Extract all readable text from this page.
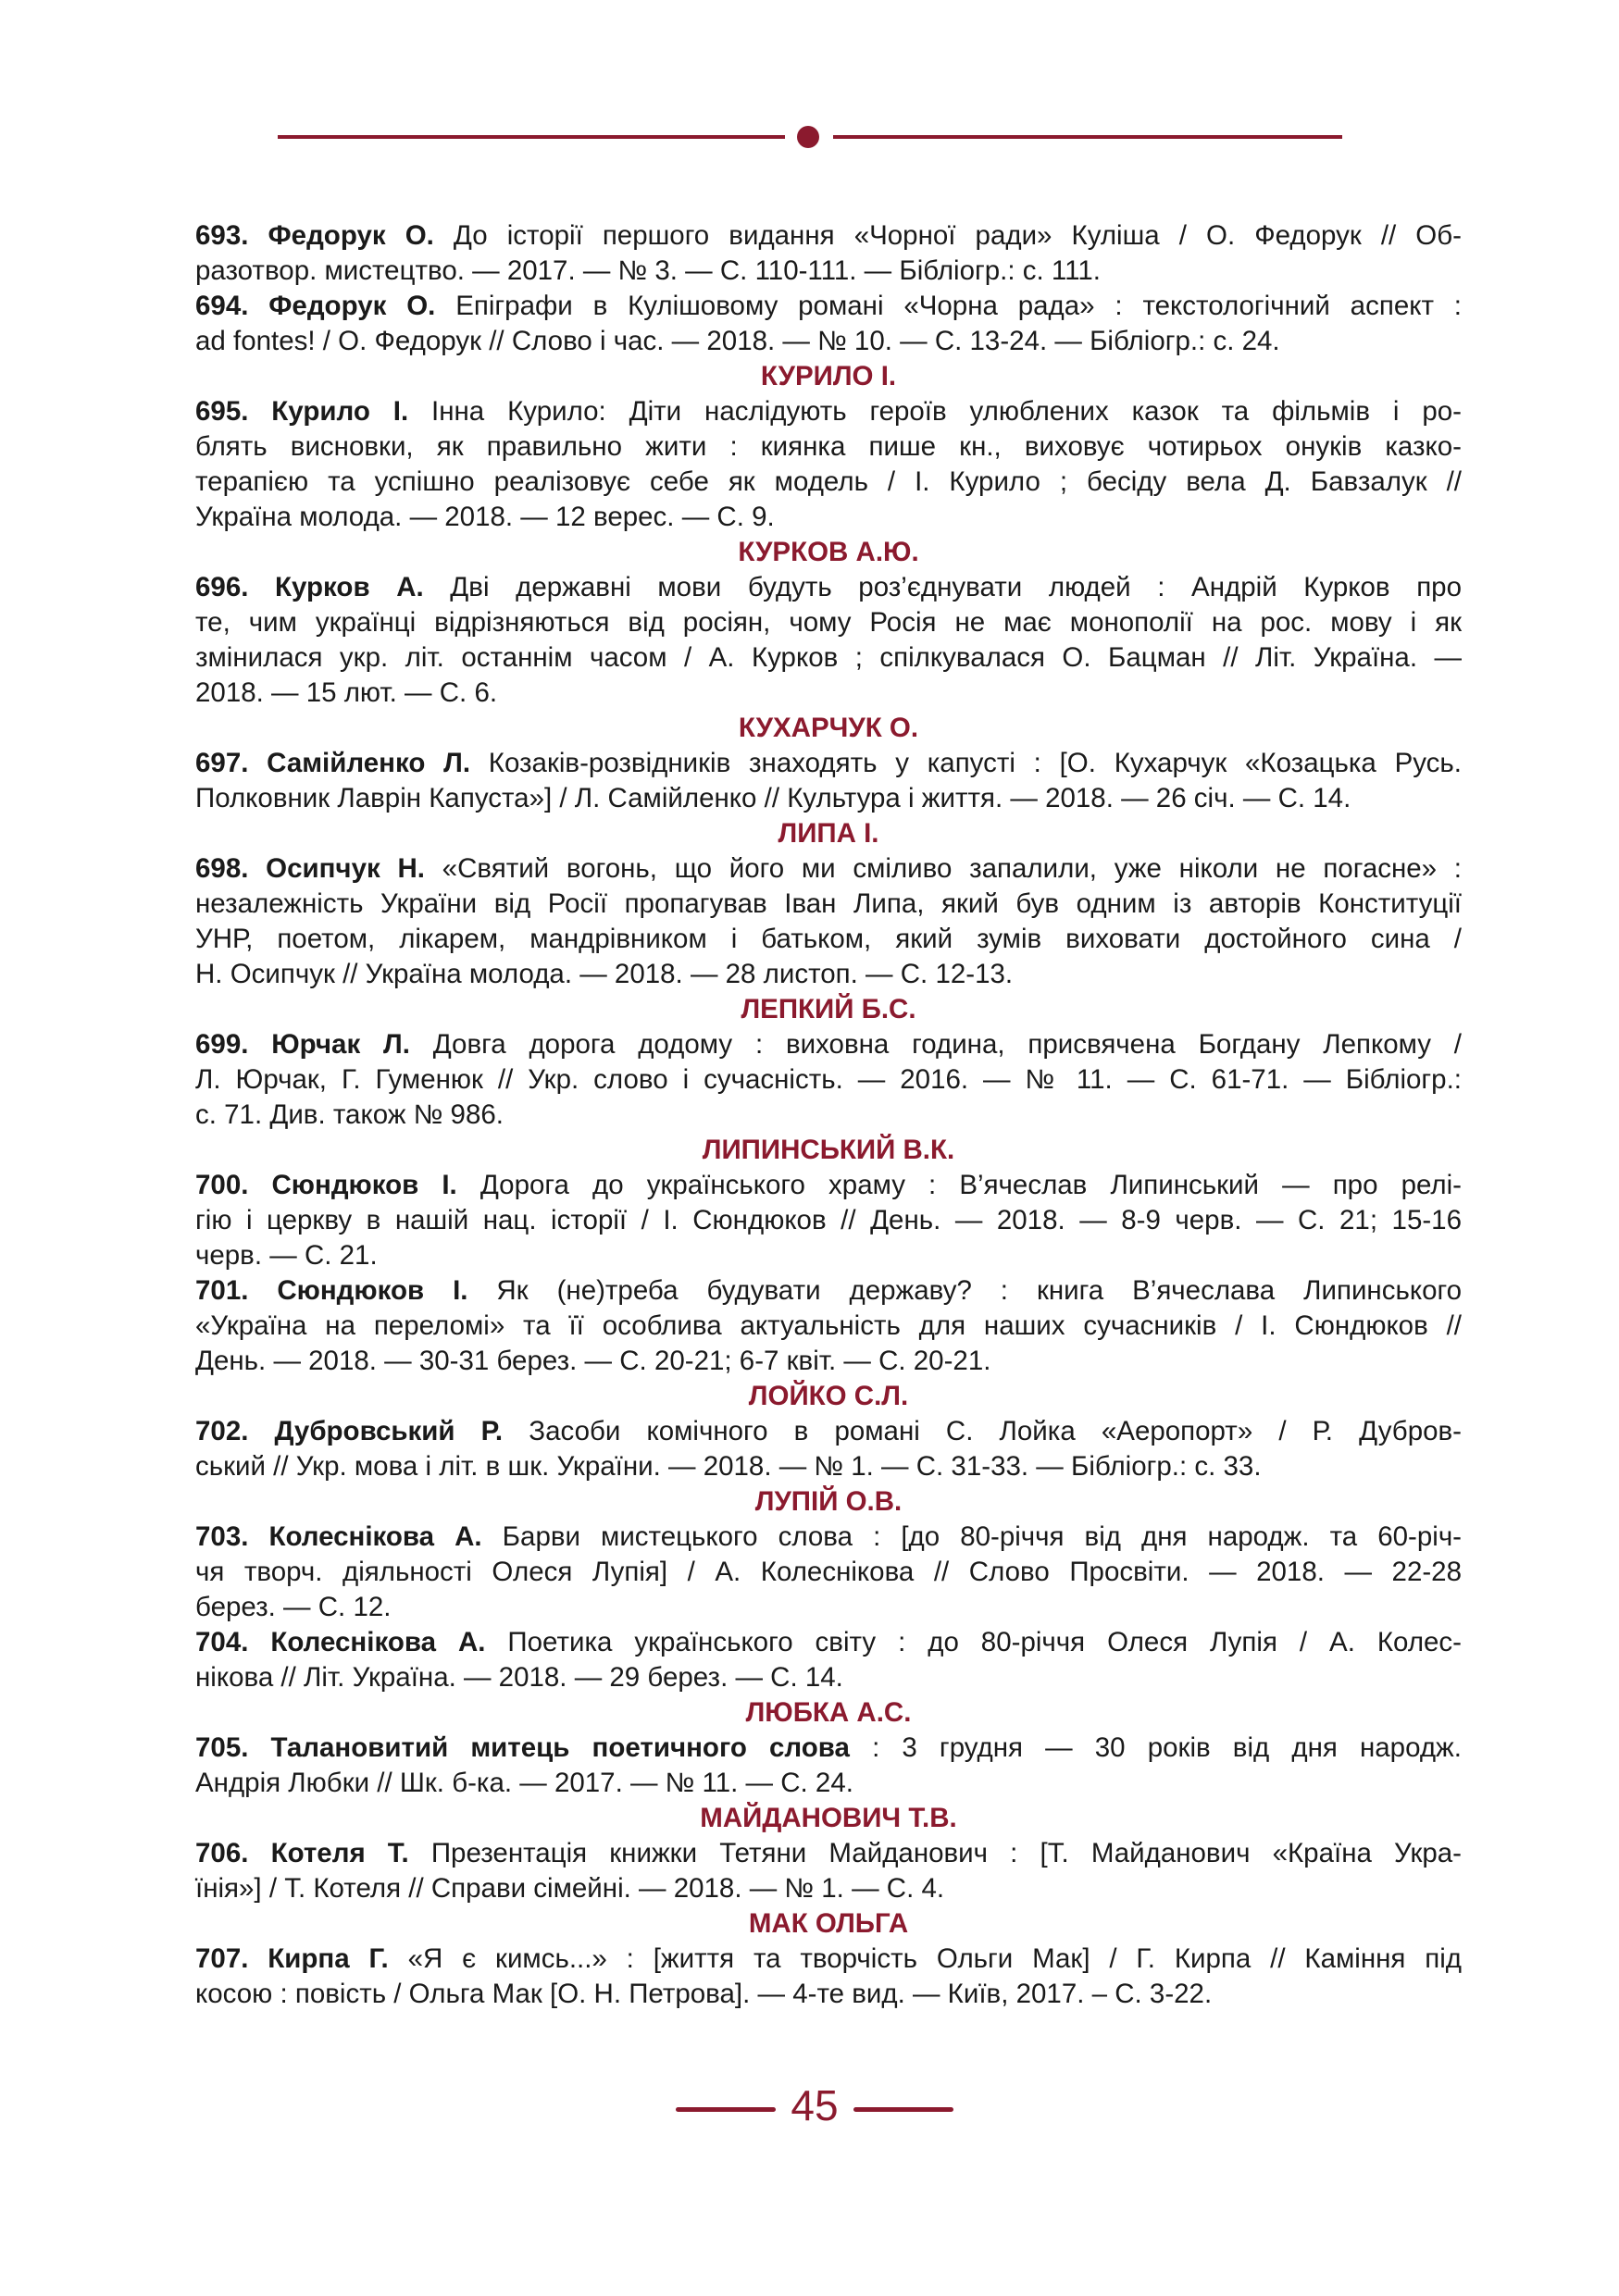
693. Федорук О. До історії першого видання «Чорної ради» Куліша / О. Федорук // Об-
разотвор. мистецтво. — 2017. — № 3. — С. 110-111. — Бібліогр.: с. 111.
694. Федорук О. Епіграфи в Кулішовому романі «Чорна рада» : текстологічний аспект :
ad fontes! / О. Федорук // Слово і час. — 2018. — № 10. — С. 13-24. — Бібліогр.: с. 24.
КУРИЛО І.
695. Курило І. Інна Курило: Діти наслідують героїв улюблених казок та фільмів і ро-
блять висновки, як правильно жити : киянка пише кн., виховує чотирьох онуків казко-
терапією та успішно реалізовує себе як модель / І. Курило ; бесіду вела Д. Бавзалук //
Україна молода. — 2018. — 12 верес. — С. 9.
КУРКОВ А.Ю.
696. Курков А. Дві державні мови будуть роз’єднувати людей : Андрій Курков про
те, чим українці відрізняються від росіян, чому Росія не має монополії на рос. мову і як
змінилася укр. літ. останнім часом / А. Курков ; спілкувалася О. Бацман // Літ. Україна. —
2018. — 15 лют. — С. 6.
КУХАРЧУК О.
697. Самійленко Л. Козаків-розвідників знаходять у капусті : [О. Кухарчук «Козацька Русь.
Полковник Лаврін Капуста»] / Л. Самійленко // Культура і життя. — 2018. — 26 січ. — С. 14.
ЛИПА І.
698. Осипчук Н. «Святий вогонь, що його ми сміливо запалили, уже ніколи не погасне» :
незалежність України від Росії пропагував Іван Липа, який був одним із авторів Конституції
УНР, поетом, лікарем, мандрівником і батьком, який зумів виховати достойного сина /
Н. Осипчук // Україна молода. — 2018. — 28 листоп. — С. 12-13.
ЛЕПКИЙ Б.С.
699. Юрчак Л. Довга дорога додому : виховна година, присвячена Богдану Лепкому /
Л. Юрчак, Г. Гуменюк // Укр. слово і сучасність. — 2016. — № 11. — С. 61-71. — Бібліогр.:
с. 71. Див. також № 986.
ЛИПИНСЬКИЙ В.К.
700. Сюндюков І. Дорога до українського храму : В’ячеслав Липинський — про релі-
гію і церкву в нашій нац. історії / І. Сюндюков // День. — 2018. — 8-9 черв. — С. 21; 15-16
черв. — С. 21.
701. Сюндюков І. Як (не)треба будувати державу? : книга В’ячеслава Липинського
«Україна на переломі» та її особлива актуальність для наших сучасників / І. Сюндюков //
День. — 2018. — 30-31 берез. — С. 20-21; 6-7 квіт. — С. 20-21.
ЛОЙКО С.Л.
702. Дубровський Р. Засоби комічного в романі С. Лойка «Аеропорт» / Р. Дубров-
ський // Укр. мова і літ. в шк. України. — 2018. — № 1. — С. 31-33. — Бібліогр.: с. 33.
ЛУПІЙ О.В.
703. Колеснікова А. Барви мистецького слова : [до 80-річчя від дня народж. та 60-річ-
чя творч. діяльності Олеся Лупія] / А. Колеснікова // Слово Просвіти. — 2018. — 22-28
берез. — С. 12.
704. Колеснікова А. Поетика українського світу : до 80-річчя Олеся Лупія / А. Колес-
нікова // Літ. Україна. — 2018. — 29 берез. — С. 14.
ЛЮБКА А.С.
705. Талановитий митець поетичного слова : 3 грудня — 30 років від дня народж.
Андрія Любки // Шк. б-ка. — 2017. — № 11. — С. 24.
МАЙДАНОВИЧ Т.В.
706. Котеля Т. Презентація книжки Тетяни Майданович : [Т. Майданович «Країна Укра-
їнія»] / Т. Котеля // Справи сімейні. — 2018. — № 1. — С. 4.
МАК ОЛЬГА
707. Кирпа Г. «Я є кимсь...» : [життя та творчість Ольги Мак] / Г. Кирпа // Каміння під
косою : повість / Ольга Мак [О. Н. Петрова]. — 4-те вид. — Київ, 2017. – С. 3-22.
45
